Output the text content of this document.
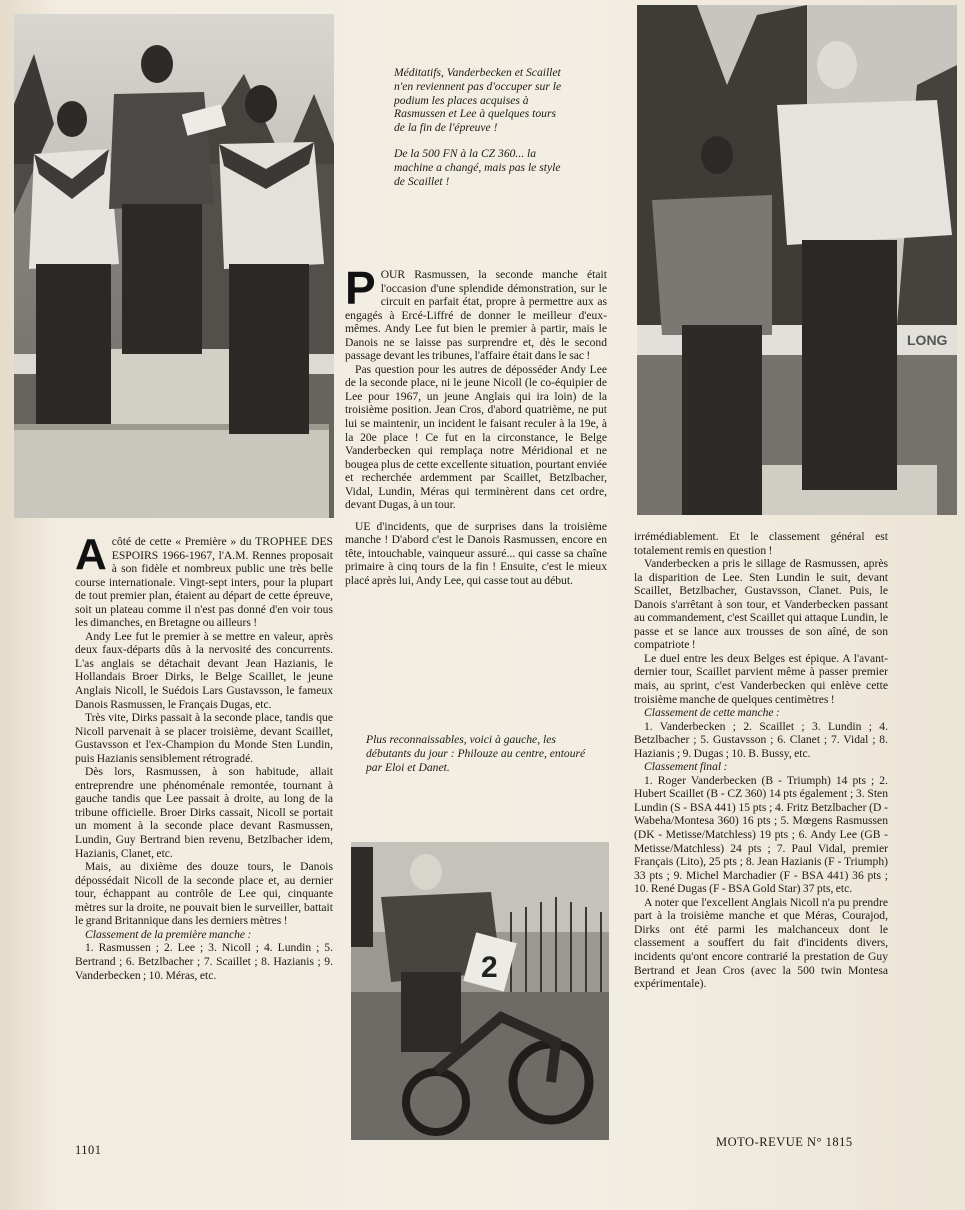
Méditatifs, Vanderbecken et Scaillet n'en reviennent pas d'occuper sur le podium les places acquises à Rasmussen et Lee à quelques tours de la fin de l'épreuve !

De la 500 FN à la CZ 360... la machine a changé, mais pas le style de Scaillet !

LONG
A côté de cette « Première » du TROPHEE DES ESPOIRS 1966-1967, l'A.M. Rennes proposait à son fidèle et nombreux public une très belle course internationale. Vingt-sept inters, pour la plupart de tout premier plan, étaient au départ de cette épreuve, soit un plateau comme il n'est pas donné d'en voir tous les dimanches, en Bretagne ou ailleurs !

Andy Lee fut le premier à se mettre en valeur, après deux faux-départs dûs à la nervosité des concurrents. L'as anglais se détachait devant Jean Hazianis, le Hollandais Broer Dirks, le Belge Scaillet, le jeune Anglais Nicoll, le Suédois Lars Gustavsson, le fameux Danois Rasmussen, le Français Dugas, etc.

Très vite, Dirks passait à la seconde place, tandis que Nicoll parvenait à se placer troisième, devant Scaillet, Gustavsson et l'ex-Champion du Monde Sten Lundin, puis Hazianis sensiblement rétrogradé.

Dès lors, Rasmussen, à son habitude, allait entreprendre une phénoménale remontée, tournant à gauche tandis que Lee passait à droite, au long de la tribune officielle. Broer Dirks cassait, Nicoll se portait un moment à la seconde place devant Rasmussen, Lundin, Guy Bertrand bien revenu, Betzlbacher idem, Hazianis, Clanet, etc.

Mais, au dixième des douze tours, le Danois dépossédait Nicoll de la seconde place et, au dernier tour, échappant au contrôle de Lee qui, cinquante mètres sur la droite, ne pouvait bien le surveiller, battait le grand Britannique dans les derniers mètres !

Classement de la première manche :

1. Rasmussen ; 2. Lee ; 3. Nicoll ; 4. Lundin ; 5. Bertrand ; 6. Betzlbacher ; 7. Scaillet ; 8. Hazianis ; 9. Vanderbecken ; 10. Méras, etc.

P OUR Rasmussen, la seconde manche était l'occasion d'une splendide démonstration, sur le circuit en parfait état, propre à permettre aux as engagés à Ercé-Liffré de donner le meilleur d'eux-mêmes. Andy Lee fut bien le premier à partir, mais le Danois ne se laisse pas surprendre et, dès le second passage devant les tribunes, l'affaire était dans le sac !

Pas question pour les autres de déposséder Andy Lee de la seconde place, ni le jeune Nicoll (le co-équipier de Lee pour 1967, un jeune Anglais qui ira loin) de la troisième position. Jean Cros, d'abord quatrième, ne put lui se maintenir, un incident le faisant reculer à la 19e, à la 20e place ! Ce fut en la circonstance, le Belge Vanderbecken qui remplaça notre Méridional et ne bougea plus de cette excellente situation, pourtant enviée et recherchée ardemment par Scaillet, Betzlbacher, Vidal, Lundin, Méras qui terminèrent dans cet ordre, devant Dugas, à un tour.

UE d'incidents, que de surprises dans la troisième manche ! D'abord c'est le Danois Rasmussen, encore en tête, intouchable, vainqueur assuré... qui casse sa chaîne primaire à cinq tours de la fin ! Ensuite, c'est le mieux placé après lui, Andy Lee, qui casse tout au début.

Plus reconnaissables, voici à gauche, les débutants du jour : Philouze au centre, entouré par Eloi et Danet.

2

irrémédiablement. Et le classement général est totalement remis en question !

Vanderbecken a pris le sillage de Rasmussen, après la disparition de Lee. Sten Lundin le suit, devant Scaillet, Betzlbacher, Gustavsson, Clanet. Puis, le Danois s'arrêtant à son tour, et Vanderbecken passant au commandement, c'est Scaillet qui attaque Lundin, le passe et se lance aux trousses de son aîné, de son compatriote !

Le duel entre les deux Belges est épique. A l'avant-dernier tour, Scaillet parvient même à passer premier mais, au sprint, c'est Vanderbecken qui enlève cette troisième manche de quelques centimètres !

Classement de cette manche :

1. Vanderbecken ; 2. Scaillet ; 3. Lundin ; 4. Betzlbacher ; 5. Gustavsson ; 6. Clanet ; 7. Vidal ; 8. Hazianis ; 9. Dugas ; 10. B. Bussy, etc.

Classement final :

1. Roger Vanderbecken (B - Triumph) 14 pts ; 2. Hubert Scaillet (B - CZ 360) 14 pts également ; 3. Sten Lundin (S - BSA 441) 15 pts ; 4. Fritz Betzlbacher (D - Wabeha/Montesa 360) 16 pts ; 5. Mœgens Rasmussen (DK - Metisse/Matchless) 19 pts ; 6. Andy Lee (GB - Metisse/Matchless) 24 pts ; 7. Paul Vidal, premier Français (Lito), 25 pts ; 8. Jean Hazianis (F - Triumph) 33 pts ; 9. Michel Marchadier (F - BSA 441) 36 pts ; 10. René Dugas (F - BSA Gold Star) 37 pts, etc.

A noter que l'excellent Anglais Nicoll n'a pu prendre part à la troisième manche et que Méras, Courajod, Dirks ont été parmi les malchanceux dont le classement a souffert du fait d'incidents divers, incidents qu'ont encore contrarié la prestation de Guy Bertrand et Jean Cros (avec la 500 twin Montesa expérimentale).

1101
MOTO-REVUE N° 1815
